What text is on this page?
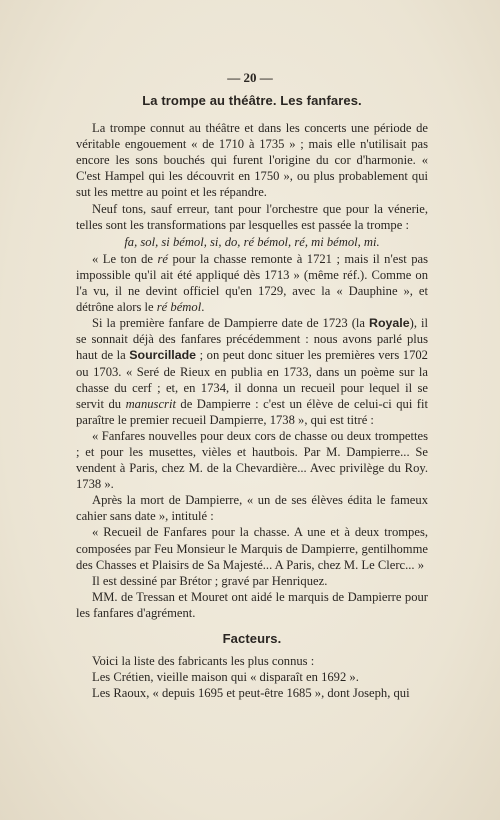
— 20 —
La trompe au théâtre. Les fanfares.

La trompe connut au théâtre et dans les concerts une période de véritable engouement « de 1710 à 1735 » ; mais elle n'utilisait pas encore les sons bouchés qui furent l'origine du cor d'harmonie. « C'est Hampel qui les découvrit en 1750 », ou plus probablement qui sut les mettre au point et les répandre.

Neuf tons, sauf erreur, tant pour l'orchestre que pour la vénerie, telles sont les transformations par lesquelles est passée la trompe :

fa, sol, si bémol, si, do, ré bémol, ré, mi bémol, mi.

« Le ton de ré pour la chasse remonte à 1721 ; mais il n'est pas impossible qu'il ait été appliqué dès 1713 » (même réf.). Comme on l'a vu, il ne devint officiel qu'en 1729, avec la « Dauphine », et détrône alors le ré bémol.

Si la première fanfare de Dampierre date de 1723 (la Royale), il se sonnait déjà des fanfares précédemment : nous avons parlé plus haut de la Sourcillade ; on peut donc situer les premières vers 1702 ou 1703. « Seré de Rieux en publia en 1733, dans un poème sur la chasse du cerf ; et, en 1734, il donna un recueil pour lequel il se servit du manuscrit de Dampierre : c'est un élève de celui-ci qui fit paraître le premier recueil Dampierre, 1738 », qui est titré :

« Fanfares nouvelles pour deux cors de chasse ou deux trompettes ; et pour les musettes, vièles et hautbois. Par M. Dampierre... Se vendent à Paris, chez M. de la Chevardière... Avec privilège du Roy. 1738 ».

Après la mort de Dampierre, « un de ses élèves édita le fameux cahier sans date », intitulé :

« Recueil de Fanfares pour la chasse. A une et à deux trompes, composées par Feu Monsieur le Marquis de Dampierre, gentilhomme des Chasses et Plaisirs de Sa Majesté... A Paris, chez M. Le Clerc... »

Il est dessiné par Brétor ; gravé par Henriquez.

MM. de Tressan et Mouret ont aidé le marquis de Dampierre pour les fanfares d'agrément.

Facteurs.

Voici la liste des fabricants les plus connus :

Les Crétien, vieille maison qui « disparaît en 1692 ».

Les Raoux, « depuis 1695 et peut-être 1685 », dont Joseph, qui
